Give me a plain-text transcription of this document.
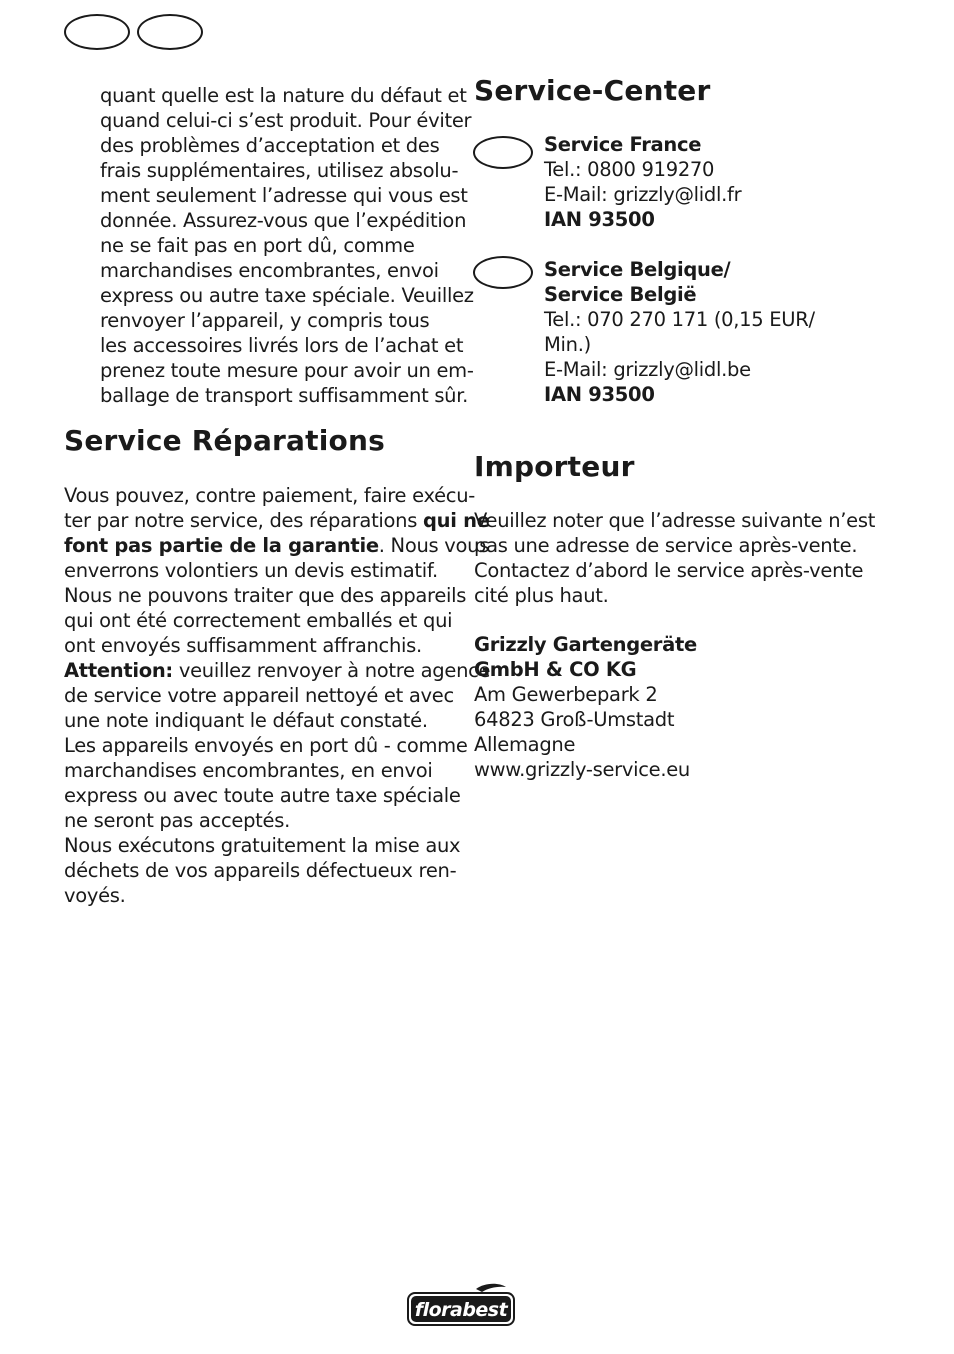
quant quelle est la nature du défaut et
quand celui-ci s’est produit. Pour éviter
des problèmes d’acceptation et des
frais supplémentaires, utilisez absolu-
ment seulement l’adresse qui vous est
donnée. Assurez-vous que l’expédition
ne se fait pas en port dû, comme
marchandises encombrantes, envoi
express ou autre taxe spéciale. Veuillez
renvoyer l’appareil, y compris tous
les accessoires livrés lors de l’achat et
prenez toute mesure pour avoir un em-
ballage de transport suffisamment sûr.
Service Réparations
Vous pouvez, contre paiement, faire exécu-
ter par notre service, des réparations qui ne
font pas partie de la garantie. Nous vous
enverrons volontiers un devis estimatif.
Nous ne pouvons traiter que des appareils
qui ont été correctement emballés et qui
ont envoyés suffisamment affranchis.
Attention: veuillez renvoyer à notre agence
de service votre appareil nettoyé et avec
une note indiquant le défaut constaté.
Les appareils envoyés en port dû - comme
marchandises encombrantes, en envoi
express ou avec toute autre taxe spéciale
ne seront pas acceptés.
Nous exécutons gratuitement la mise aux
déchets de vos appareils défectueux ren-
voyés.
Service-Center
Service France
Tel.: 0800 919270
E-Mail: grizzly@lidl.fr
IAN 93500
Service Belgique/
Service België
Tel.: 070 270 171 (0,15 EUR/
Min.)
E-Mail: grizzly@lidl.be
IAN 93500
Importeur
Veuillez noter que l’adresse suivante n’est
pas une adresse de service après-vente.
Contactez d’abord le service après-vente
cité plus haut.
Grizzly Gartengeräte
GmbH & CO KG
Am Gewerbepark 2
64823 Groß-Umstadt
Allemagne
www.grizzly-service.eu
florabest
